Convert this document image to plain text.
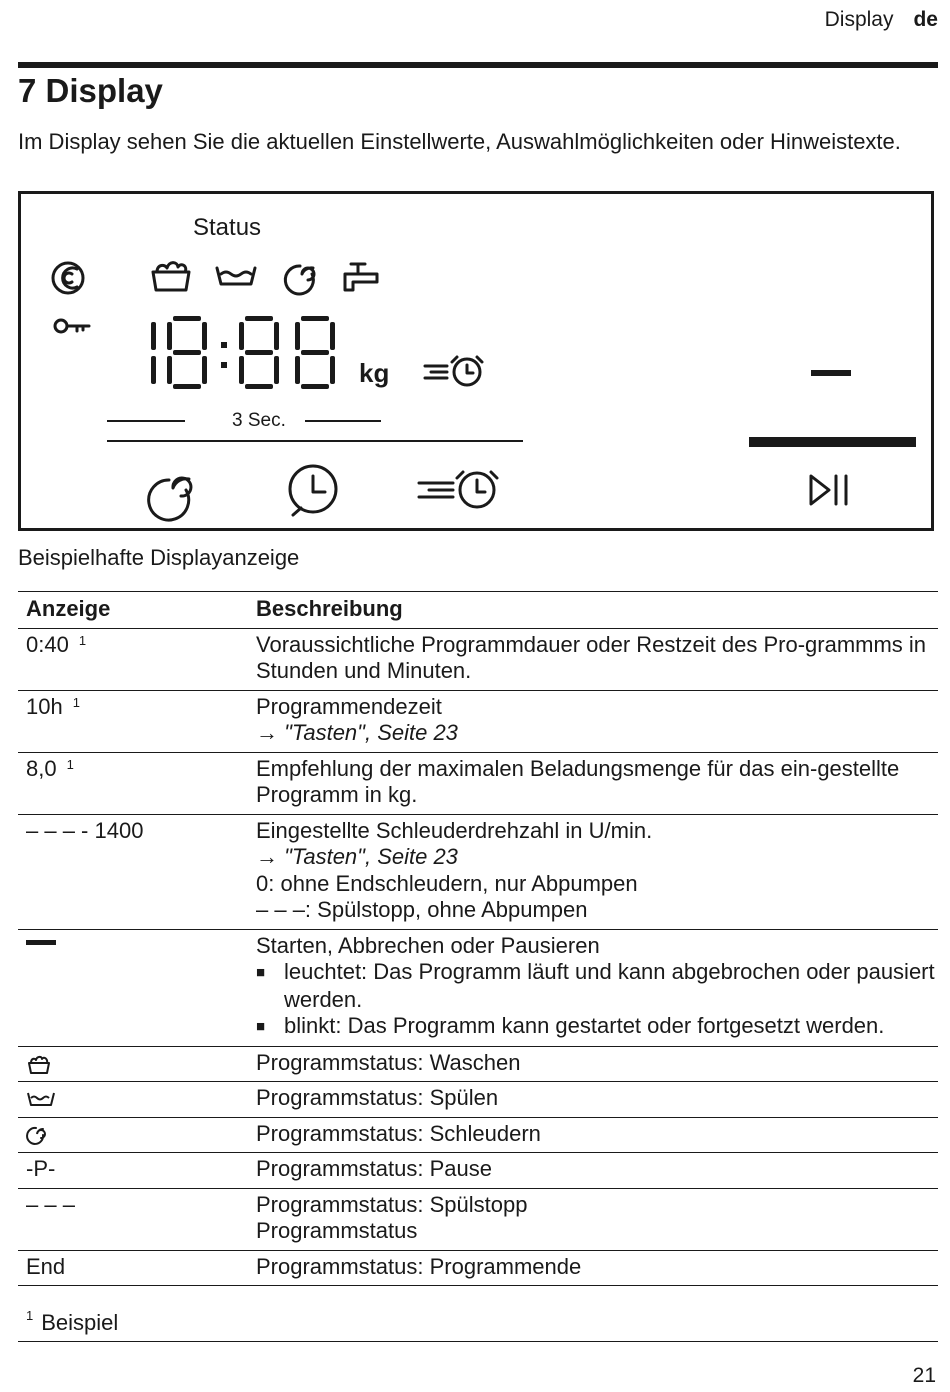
Display de
7 Display

Im Display sehen Sie die aktuellen Einstellwerte, Auswahlmöglichkeiten oder Hinweistexte.

Status
kg
3 Sec.

Beispielhafte Displayanzeige

Anzeige	Beschreibung
0:40 $^1$	Voraussichtliche Programmdauer oder Restzeit des Pro-grammms in Stunden und Minuten.
10h $^1$	Programmendezeit
→ "Tasten", Seite 23
8,0 $^1$	Empfehlung der maximalen Beladungsmenge für das ein-gestellte Programm in kg.
– – – - 1400	Eingestellte Schleuderdrehzahl in U/min.
→ "Tasten", Seite 23
0: ohne Endschleudern, nur Abpumpen
– – –: Spülstopp, ohne Abpumpen
	Starten, Abbrechen oder Pausieren
■ leuchtet: Das Programm läuft und kann abgebrochen oder pausiert werden.
■ blinkt: Das Programm kann gestartet oder fortgesetzt werden.

	Programmstatus: Waschen
	Programmstatus: Spülen
	Programmstatus: Schleudern
-P-	Programmstatus: Pause
– – –	Programmstatus: Spülstopp
Programmstatus
End	Programmstatus: Programmende
$^1$ Beispiel
21
